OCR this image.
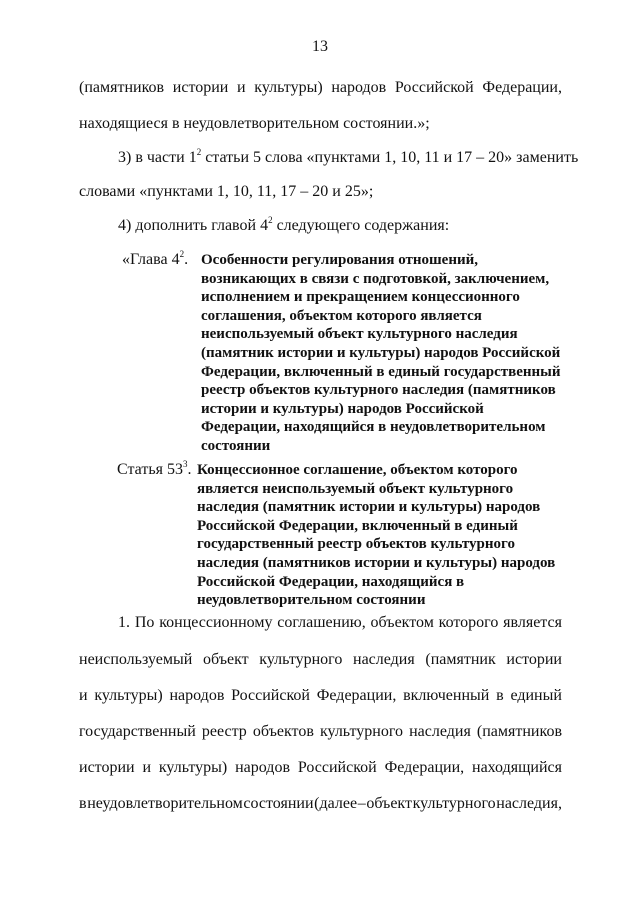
13
(памятников истории и культуры) народов Российской Федерации,
находящиеся в неудовлетворительном состоянии.»;
3) в части $1^2$ статьи 5 слова «пунктами 1, 10, 11 и 17 – 20» заменить
словами «пунктами 1, 10, 11, 17 – 20 и 25»;
4) дополнить главой $4^2$ следующего содержания:
«Глава $4^2$. Особенности регулирования отношений,
возникающих в связи с подготовкой, заключением,
исполнением и прекращением концессионного
соглашения, объектом которого является
неиспользуемый объект культурного наследия
(памятник истории и культуры) народов Российской
Федерации, включенный в единый государственный
реестр объектов культурного наследия (памятников
истории и культуры) народов Российской
Федерации, находящийся в неудовлетворительном
состоянии
Статья $53^3$. Концессионное соглашение, объектом которого
является неиспользуемый объект культурного
наследия (памятник истории и культуры) народов
Российской Федерации, включенный в единый
государственный реестр объектов культурного
наследия (памятников истории и культуры) народов
Российской Федерации, находящийся в
неудовлетворительном состоянии
1. По концессионному соглашению, объектом которого является
неиспользуемый объект культурного наследия (памятник истории
и культуры) народов Российской Федерации, включенный в единый
государственный реестр объектов культурного наследия (памятников
истории и культуры) народов Российской Федерации, находящийся
в неудовлетворительном состоянии (далее – объект культурного наследия,
